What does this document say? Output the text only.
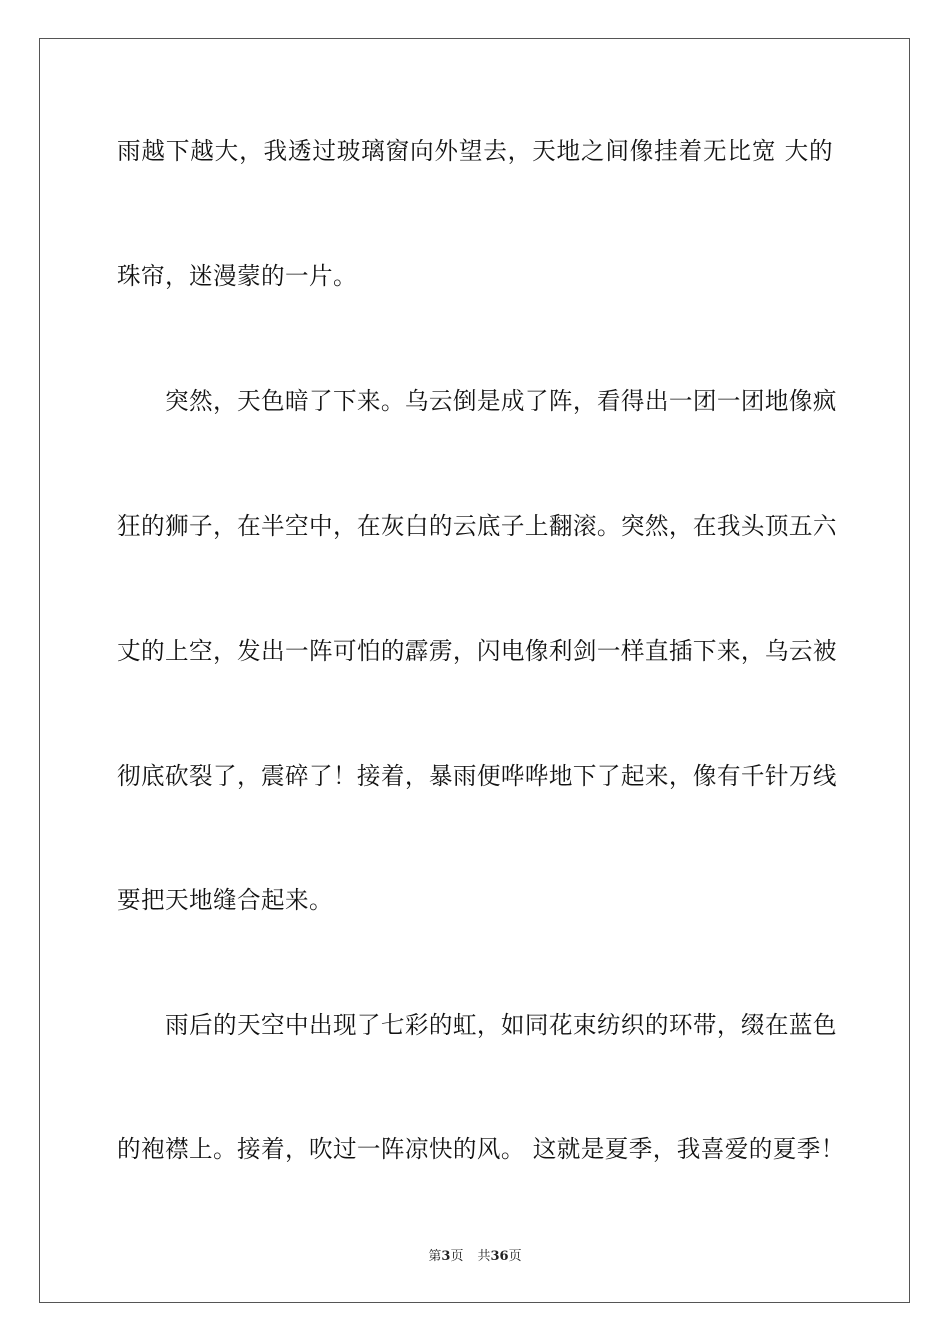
雨越下越大，我透过玻璃窗向外望去，天地之间像挂着无比宽 大的
珠帘，迷漫蒙的一片。
　　突然，天色暗了下来。乌云倒是成了阵，看得出一团一团地像疯
狂的狮子，在半空中，在灰白的云底子上翻滚。突然，在我头顶五六
丈的上空，发出一阵可怕的霹雳，闪电像利剑一样直插下来，乌云被
彻底砍裂了，震碎了！接着，暴雨便哗哗地下了起来，像有千针万线
要把天地缝合起来。
　　雨后的天空中出现了七彩的虹，如同花束纺织的环带，缀在蓝色
的袍襟上。接着，吹过一阵凉快的风。 这就是夏季，我喜爱的夏季！
第3页 共36页
